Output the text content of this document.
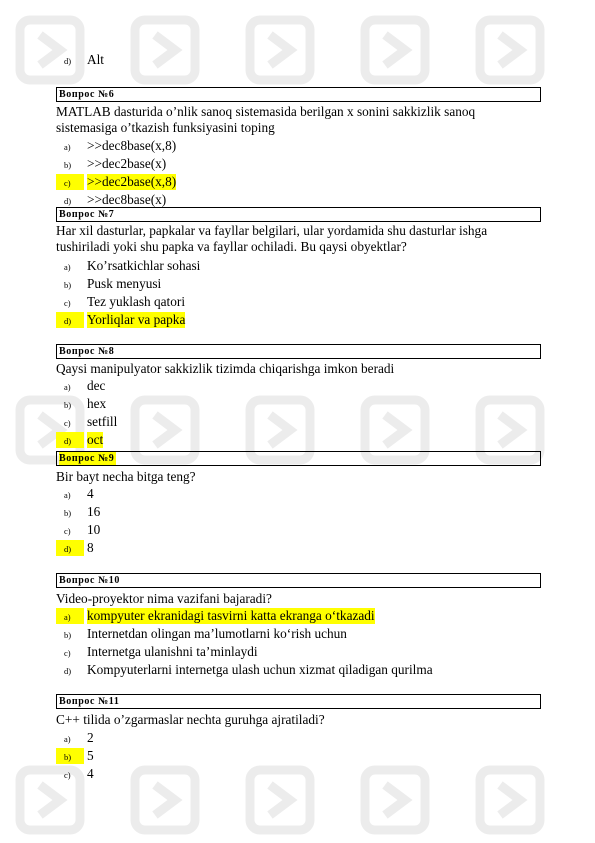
d)	Alt
Вопрос №6
MATLAB dasturida o’nlik sanoq sistemasida berilgan x sonini sakkizlik sanoq sistemasiga o’tkazish funksiyasini toping
a)	>>dec8base(x,8)
b)	>>dec2base(x)
c)	>>dec2base(x,8)
d)	>>dec8base(x)
Вопрос №7
Har xil dasturlar, papkalar va fayllar belgilari, ular yordamida shu dasturlar ishga tushiriladi yoki shu papka va fayllar ochiladi. Bu qaysi obyektlar?
a)	Ko’rsatkichlar sohasi
b)	Pusk menyusi
c)	Tez yuklash qatori
d)	Yorliqlar va papka
Вопрос №8
Qaysi manipulyator sakkizlik tizimda chiqarishga imkon beradi
a)	dec
b)	hex
c)	setfill
d)	oct
Вопрос №9
Bir bayt necha bitga teng?
a)	4
b)	16
c)	10
d)	8
Вопрос №10
Video-proyektor nima vazifani bajaradi?
a)	kompyuter ekranidagi tasvirni katta ekranga o‘tkazadi
b)	Internetdan olingan ma’lumotlarni ko‘rish uchun
c)	Internetga ulanishni ta’minlaydi
d)	Kompyuterlarni internetga ulash uchun xizmat qiladigan qurilma
Вопрос №11
C++ tilida o’zgarmaslar nechta guruhga ajratiladi?
a)	2
b)	5
c)	4
